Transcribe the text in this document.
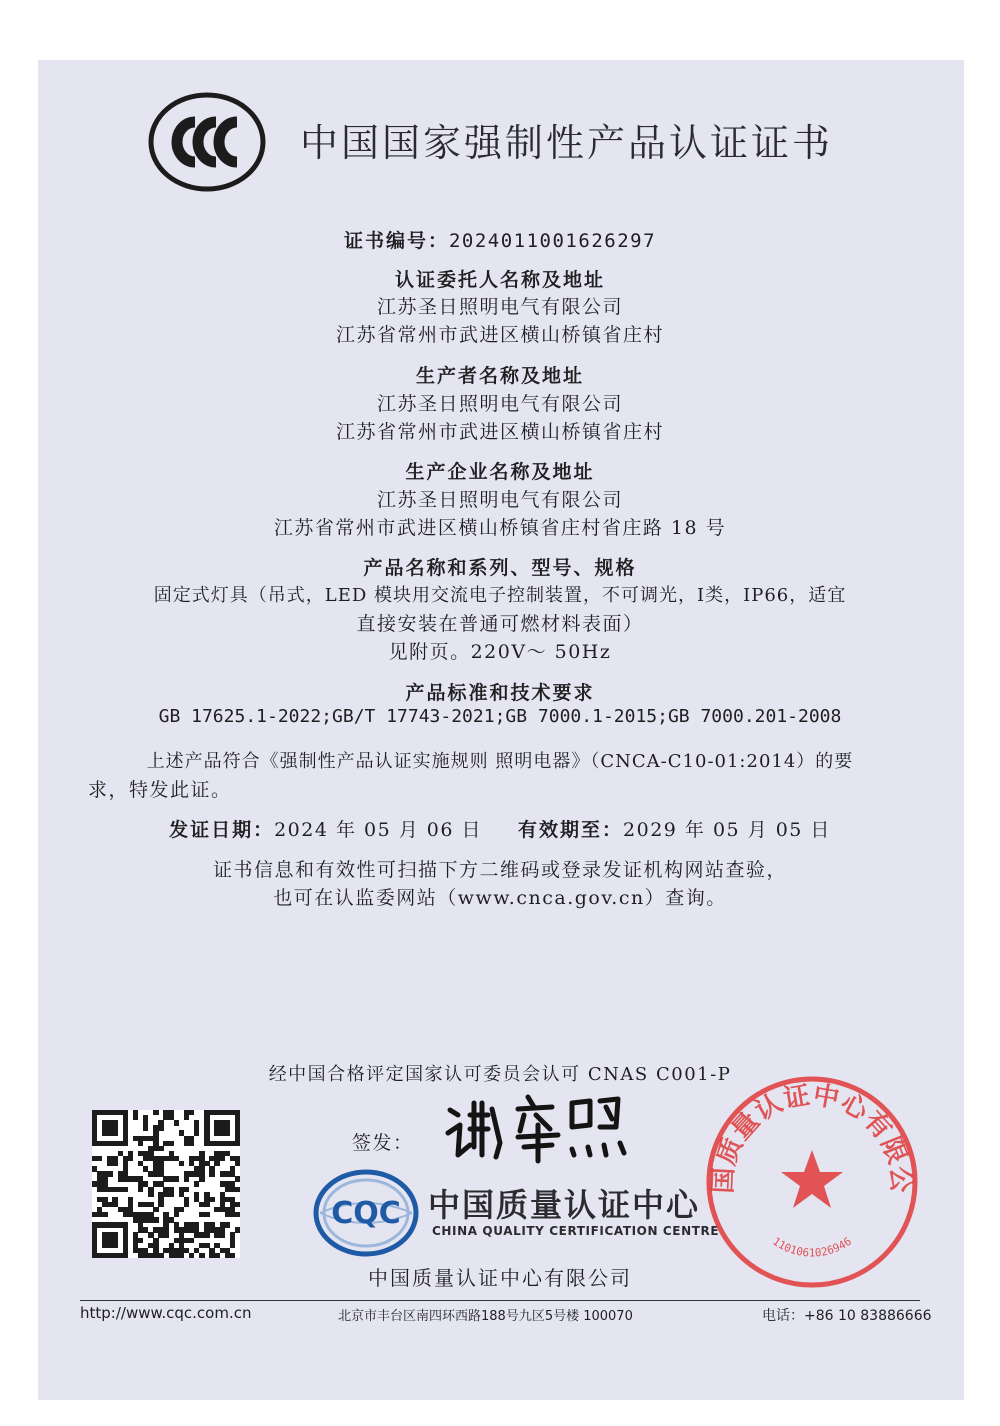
中国国家强制性产品认证证书
证书编号：2024011001626297
认证委托人名称及地址
江苏圣日照明电气有限公司
江苏省常州市武进区横山桥镇省庄村
生产者名称及地址
江苏圣日照明电气有限公司
江苏省常州市武进区横山桥镇省庄村
生产企业名称及地址
江苏圣日照明电气有限公司
江苏省常州市武进区横山桥镇省庄村省庄路 18 号
产品名称和系列、型号、规格
固定式灯具（吊式，LED 模块用交流电子控制装置，不可调光，Ⅰ类，IP66，适宜
直接安装在普通可燃材料表面）
见附页。220V～ 50Hz
产品标准和技术要求
GB 17625.1-2022;GB/T 17743-2021;GB 7000.1-2015;GB 7000.201-2008
上述产品符合《强制性产品认证实施规则 照明电器》（CNCA-C10-01:2014）的要
求，特发此证。
发证日期：2024 年 05 月 06 日 有效期至：2029 年 05 月 05 日
证书信息和有效性可扫描下方二维码或登录发证机构网站查验，
也可在认监委网站（www.cnca.gov.cn）查询。
经中国合格评定国家认可委员会认可 CNAS C001-P
签发：
CQC 中国质量认证中心
CHINA QUALITY CERTIFICATION CENTRE
国质量认证中心有限公
1101061026946
中国质量认证中心有限公司
http://www.cqc.com.cn	北京市丰台区南四环西路188号九区5号楼 100070	电话：+86 10 83886666
